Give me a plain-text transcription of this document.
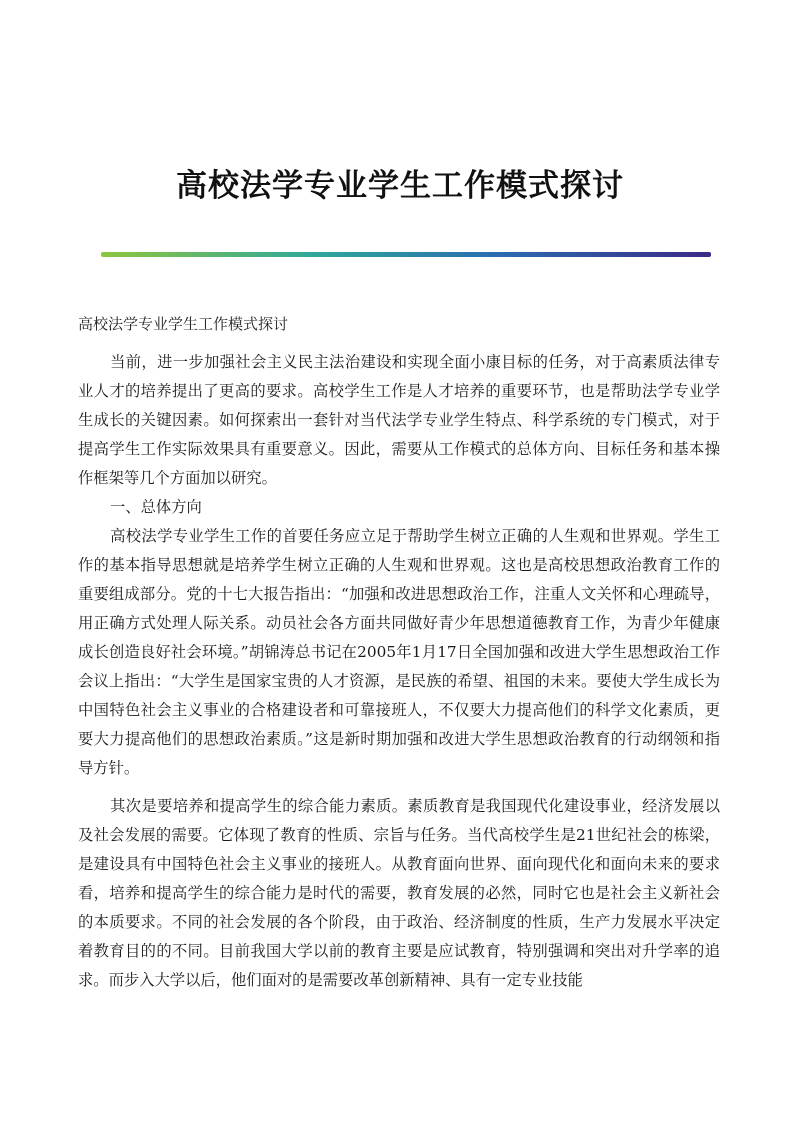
高校法学专业学生工作模式探讨
高校法学专业学生工作模式探讨

当前，进一步加强社会主义民主法治建设和实现全面小康目标的任务，对于高素质法律专业人才的培养提出了更高的要求。高校学生工作是人才培养的重要环节，也是帮助法学专业学生成长的关键因素。如何探索出一套针对当代法学专业学生特点、科学系统的专门模式，对于提高学生工作实际效果具有重要意义。因此，需要从工作模式的总体方向、目标任务和基本操作框架等几个方面加以研究。

一、总体方向

高校法学专业学生工作的首要任务应立足于帮助学生树立正确的人生观和世界观。学生工作的基本指导思想就是培养学生树立正确的人生观和世界观。这也是高校思想政治教育工作的重要组成部分。党的十七大报告指出：“加强和改进思想政治工作，注重人文关怀和心理疏导，用正确方式处理人际关系。动员社会各方面共同做好青少年思想道德教育工作，为青少年健康成长创造良好社会环境。”胡锦涛总书记在2005年1月17日全国加强和改进大学生思想政治工作会议上指出：“大学生是国家宝贵的人才资源，是民族的希望、祖国的未来。要使大学生成长为中国特色社会主义事业的合格建设者和可靠接班人，不仅要大力提高他们的科学文化素质，更要大力提高他们的思想政治素质。”这是新时期加强和改进大学生思想政治教育的行动纲领和指导方针。

其次是要培养和提高学生的综合能力素质。素质教育是我国现代化建设事业，经济发展以及社会发展的需要。它体现了教育的性质、宗旨与任务。当代高校学生是21世纪社会的栋梁，是建设具有中国特色社会主义事业的接班人。从教育面向世界、面向现代化和面向未来的要求看，培养和提高学生的综合能力是时代的需要，教育发展的必然，同时它也是社会主义新社会的本质要求。不同的社会发展的各个阶段，由于政治、经济制度的性质，生产力发展水平决定着教育目的的不同。目前我国大学以前的教育主要是应试教育，特别强调和突出对升学率的追求。而步入大学以后，他们面对的是需要改革创新精神、具有一定专业技能
